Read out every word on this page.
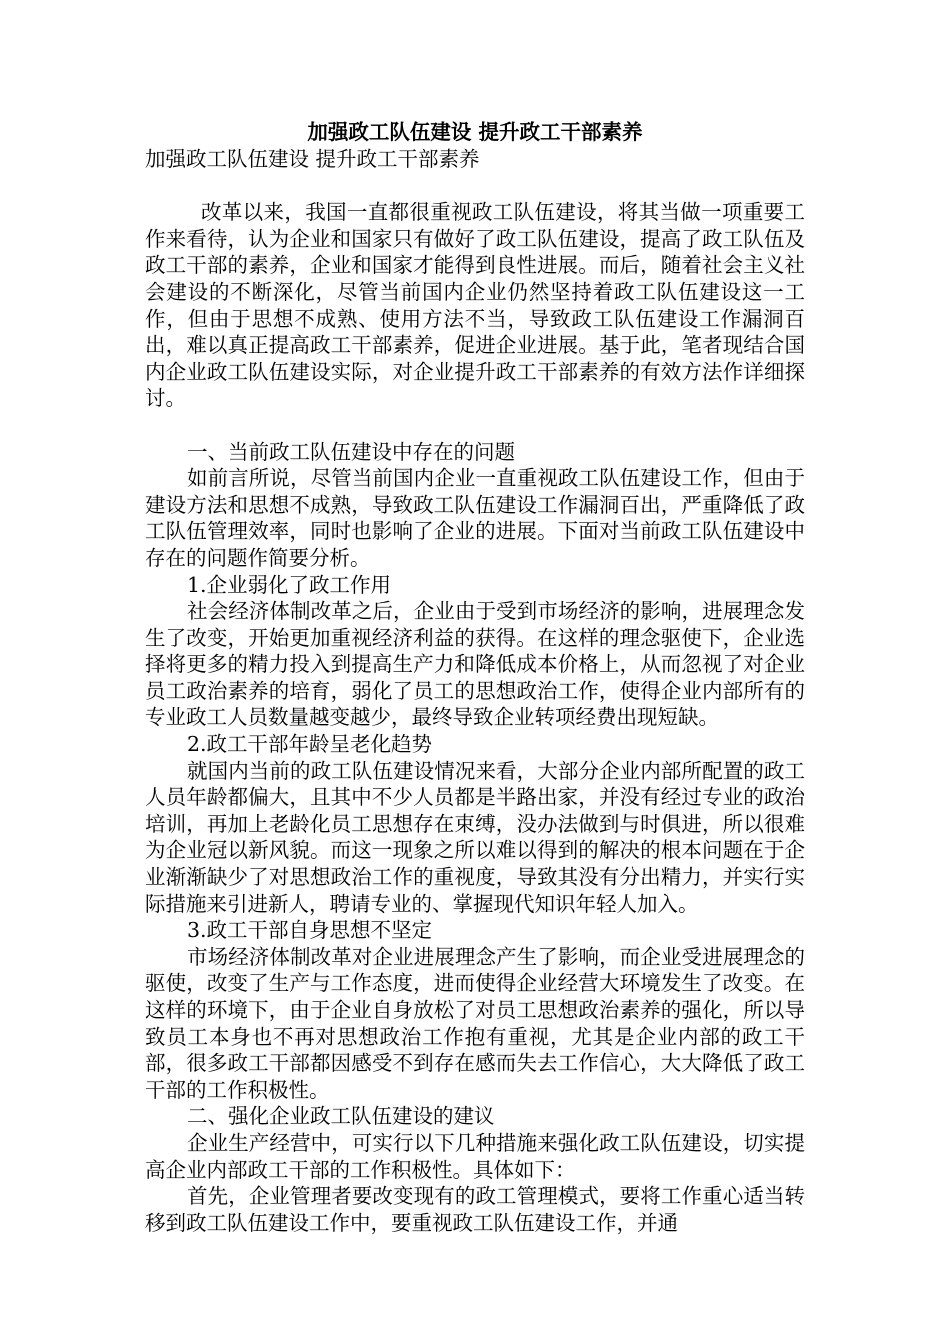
加强政工队伍建设 提升政工干部素养

加强政工队伍建设 提升政工干部素养

改革以来，我国一直都很重视政工队伍建设，将其当做一项重要工作来看待，认为企业和国家只有做好了政工队伍建设，提高了政工队伍及政工干部的素养，企业和国家才能得到良性进展。而后，随着社会主义社会建设的不断深化，尽管当前国内企业仍然坚持着政工队伍建设这一工作，但由于思想不成熟、使用方法不当，导致政工队伍建设工作漏洞百出，难以真正提高政工干部素养，促进企业进展。基于此，笔者现结合国内企业政工队伍建设实际，对企业提升政工干部素养的有效方法作详细探讨。

一、当前政工队伍建设中存在的问题

如前言所说，尽管当前国内企业一直重视政工队伍建设工作，但由于建设方法和思想不成熟，导致政工队伍建设工作漏洞百出，严重降低了政工队伍管理效率，同时也影响了企业的进展。下面对当前政工队伍建设中存在的问题作简要分析。

1.企业弱化了政工作用

社会经济体制改革之后，企业由于受到市场经济的影响，进展理念发生了改变，开始更加重视经济利益的获得。在这样的理念驱使下，企业选择将更多的精力投入到提高生产力和降低成本价格上，从而忽视了对企业员工政治素养的培育，弱化了员工的思想政治工作，使得企业内部所有的专业政工人员数量越变越少，最终导致企业转项经费出现短缺。

2.政工干部年龄呈老化趋势

就国内当前的政工队伍建设情况来看，大部分企业内部所配置的政工人员年龄都偏大，且其中不少人员都是半路出家，并没有经过专业的政治培训，再加上老龄化员工思想存在束缚，没办法做到与时俱进，所以很难为企业冠以新风貌。而这一现象之所以难以得到的解决的根本问题在于企业渐渐缺少了对思想政治工作的重视度，导致其没有分出精力，并实行实际措施来引进新人，聘请专业的、掌握现代知识年轻人加入。

3.政工干部自身思想不坚定

市场经济体制改革对企业进展理念产生了影响，而企业受进展理念的驱使，改变了生产与工作态度，进而使得企业经营大环境发生了改变。在这样的环境下，由于企业自身放松了对员工思想政治素养的强化，所以导致员工本身也不再对思想政治工作抱有重视，尤其是企业内部的政工干部，很多政工干部都因感受不到存在感而失去工作信心，大大降低了政工干部的工作积极性。

二、强化企业政工队伍建设的建议

企业生产经营中，可实行以下几种措施来强化政工队伍建设，切实提高企业内部政工干部的工作积极性。具体如下：

首先，企业管理者要改变现有的政工管理模式，要将工作重心适当转移到政工队伍建设工作中，要重视政工队伍建设工作，并通
